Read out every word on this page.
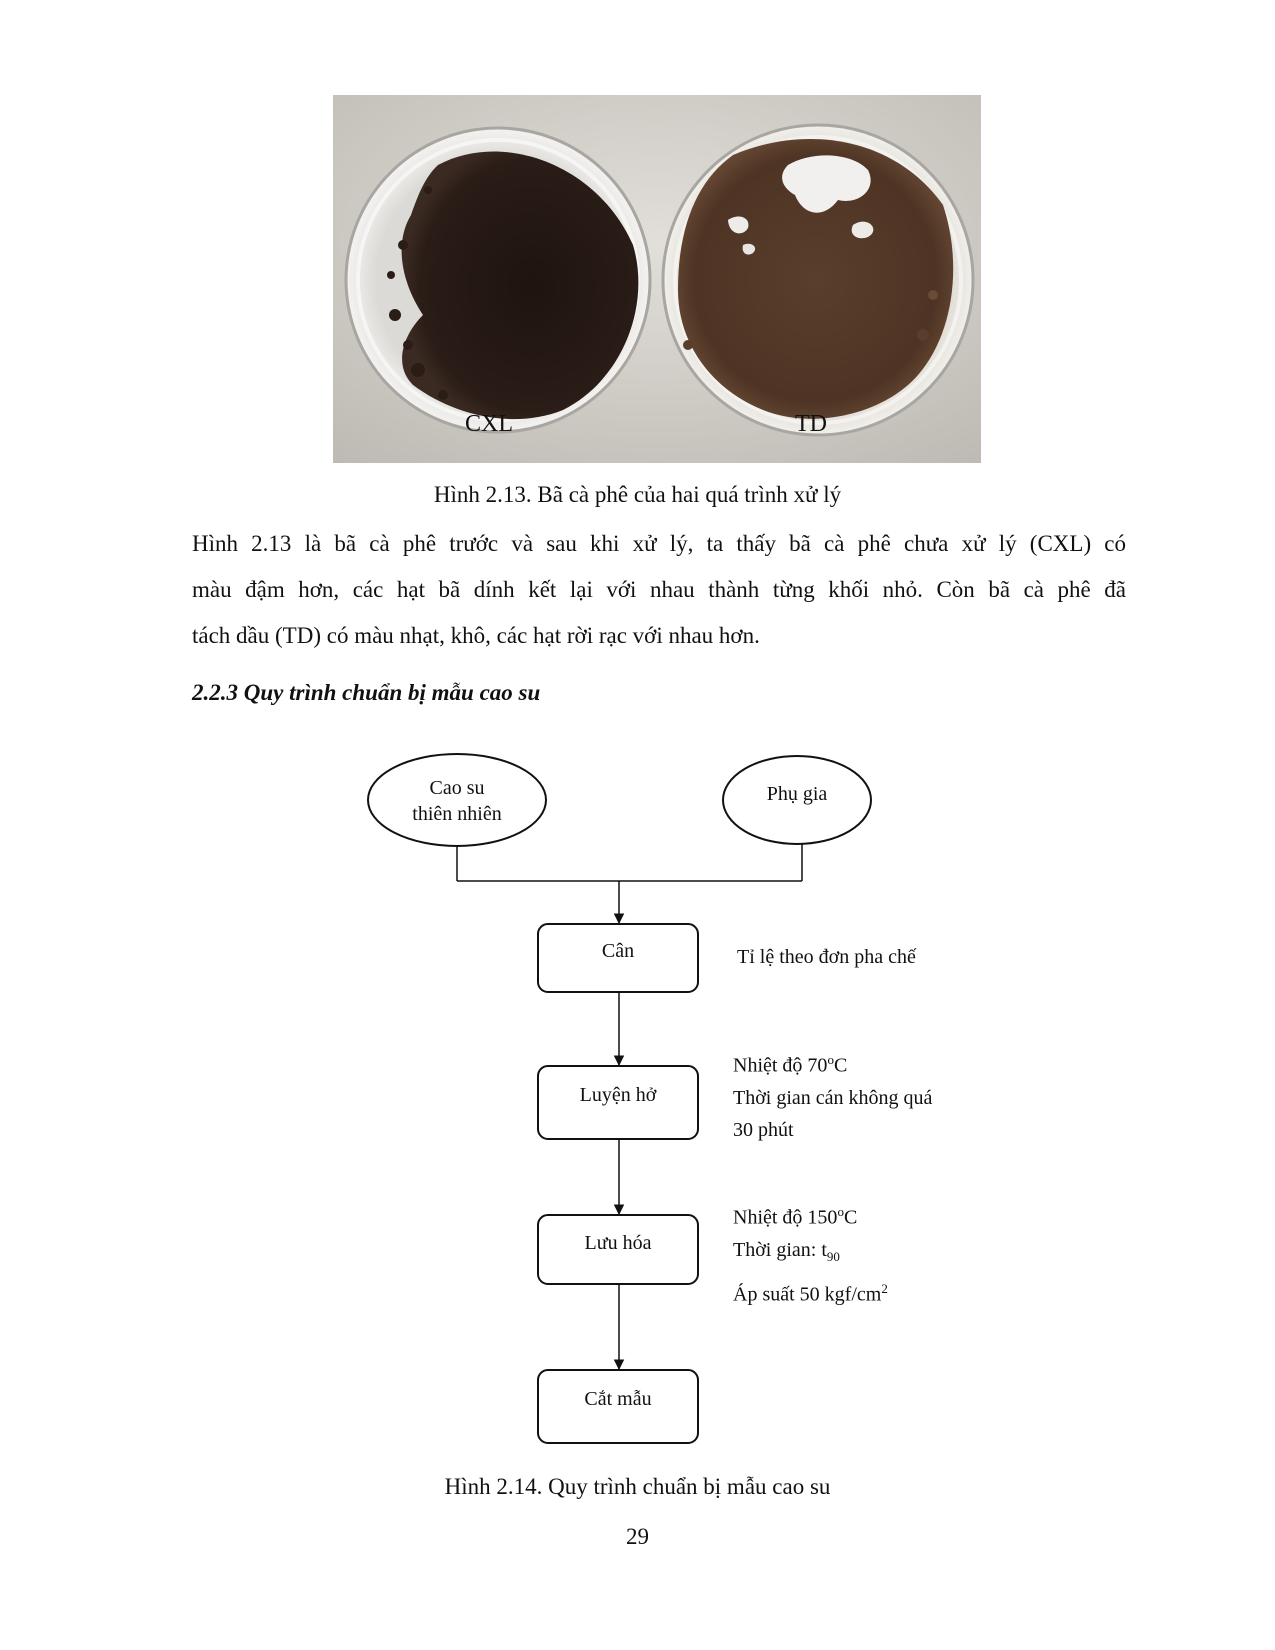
CXL	TD
Hình 2.13. Bã cà phê của hai quá trình xử lý
Hình 2.13 là bã cà phê trước và sau khi xử lý, ta thấy bã cà phê chưa xử lý (CXL) có
màu đậm hơn, các hạt bã dính kết lại với nhau thành từng khối nhỏ. Còn bã cà phê đã
tách dầu (TD) có màu nhạt, khô, các hạt rời rạc với nhau hơn.
2.2.3 Quy trình chuẩn bị mẫu cao su
Cao su
thiên nhiên
Phụ gia
Cân	Tỉ lệ theo đơn pha chế
Luyện hở
Nhiệt độ 70$^o$C
Thời gian cán không quá
30 phút
Lưu hóa
Nhiệt độ 150$^o$C
Thời gian: $t_{90}$
Áp suất 50 kgf/$cm^2$
Cắt mẫu
Hình 2.14. Quy trình chuẩn bị mẫu cao su
29
